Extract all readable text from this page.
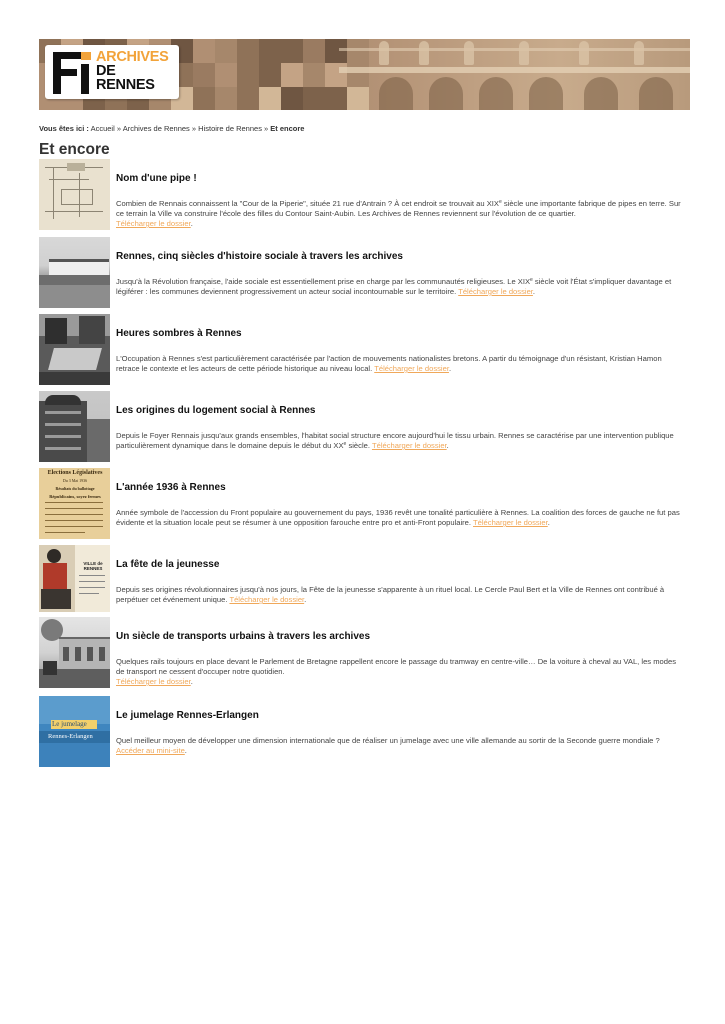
ARCHIVES
DE
RENNES
Vous êtes ici : Accueil » Archives de Rennes » Histoire de Rennes » Et encore
Et encore
Nom d'une pipe !

Combien de Rennais connaissent la "Cour de la Piperie", située 21 rue d'Antrain ? À cet endroit se trouvait au XIXe siècle une importante fabrique de pipes en terre. Sur ce terrain la Ville va construire l'école des filles du Contour Saint-Aubin. Les Archives de Rennes reviennent sur l'évolution de ce quartier.
Télécharger le dossier.

Rennes, cinq siècles d'histoire sociale à travers les archives

Jusqu'à la Révolution française, l'aide sociale est essentiellement prise en charge par les communautés religieuses. Le XIXe siècle voit l'État s'impliquer davantage et légiférer : les communes deviennent progressivement un acteur social incontournable sur le territoire. Télécharger le dossier.

Heures sombres à Rennes

L'Occupation à Rennes s'est particulièrement caractérisée par l'action de mouvements nationalistes bretons. A partir du témoignage d'un résistant, Kristian Hamon retrace le contexte et les acteurs de cette période historique au niveau local. Télécharger le dossier.

Les origines du logement social à Rennes

Depuis le Foyer Rennais jusqu'aux grands ensembles, l'habitat social structure encore aujourd'hui le tissu urbain. Rennes se caractérise par une intervention publique particulièrement dynamique dans le domaine depuis le début du XXe siècle. Télécharger le dossier.

Elections Législatives
Du 3 Mai 1936
Résultats du ballottage
Républicains, soyez fermes
L'année 1936 à Rennes

Année symbole de l'accession du Front populaire au gouvernement du pays, 1936 revêt une tonalité particulière à Rennes. La coalition des forces de gauche ne fut pas évidente et la situation locale peut se résumer à une opposition farouche entre pro et anti-Front populaire. Télécharger le dossier.

VILLE de RENNES	La fête de la jeunesse

Depuis ses origines révolutionnaires jusqu'à nos jours, la Fête de la jeunesse s'apparente à un rituel local. Le Cercle Paul Bert et la Ville de Rennes ont contribué à perpétuer cet événement unique. Télécharger le dossier.

Un siècle de transports urbains à travers les archives

Quelques rails toujours en place devant le Parlement de Bretagne rappellent encore le passage du tramway en centre-ville… De la voiture à cheval au VAL, les modes de transport ne cessent d'occuper notre quotidien.
Télécharger le dossier.

Le jumelage
Rennes-Erlangen
Le jumelage Rennes-Erlangen

Quel meilleur moyen de développer une dimension internationale que de réaliser un jumelage avec une ville allemande au sortir de la Seconde guerre mondiale ?
Accéder au mini-site.
